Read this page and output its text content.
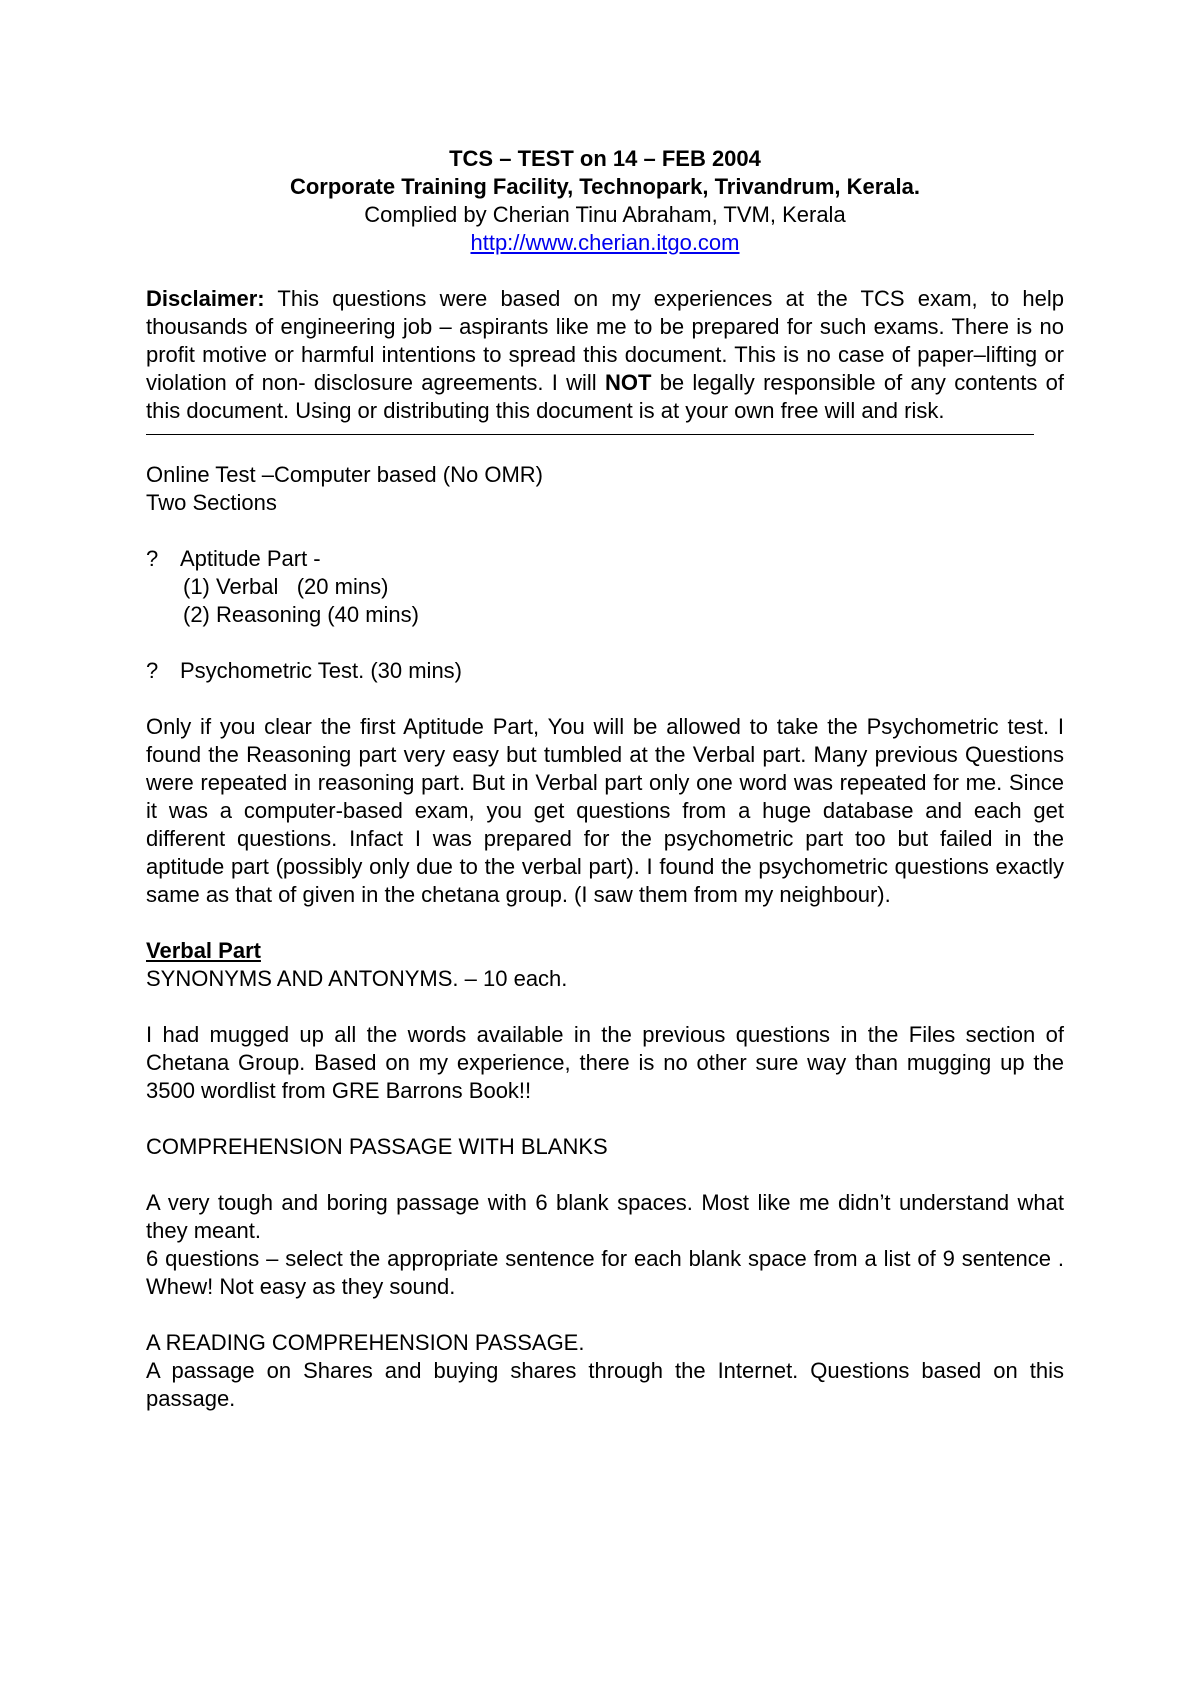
TCS – TEST on 14 – FEB 2004

Corporate Training Facility, Technopark, Trivandrum, Kerala.

Complied by Cherian Tinu Abraham, TVM, Kerala

http://www.cherian.itgo.com

Disclaimer: This questions were based on my experiences at the TCS exam, to help thousands of engineering job – aspirants like me to be prepared for such exams. There is no profit motive or harmful intentions to spread this document. This is no case of paper–lifting or violation of non- disclosure agreements. I will NOT be legally responsible of any contents of this document. Using or distributing this document is at your own free will and risk.

Online Test –Computer based (No OMR)

Two Sections

? Aptitude Part -

(1) Verbal   (20 mins)

(2) Reasoning (40 mins)

? Psychometric Test. (30 mins)

Only if you clear the first Aptitude Part, You will be allowed to take the Psychometric test. I found the Reasoning part very easy but tumbled at the Verbal part. Many previous Questions were repeated in reasoning part. But in Verbal part only one word was repeated for me. Since it was a computer-based exam, you get questions from a huge database and each get different questions. Infact I was prepared for the psychometric part too but failed in the aptitude part (possibly only due to the verbal part). I found the psychometric questions exactly same as that of given in the chetana group. (I saw them from my neighbour).

Verbal Part

SYNONYMS AND ANTONYMS. – 10 each.

I had mugged up all the words available in the previous questions in the Files section of Chetana Group. Based on my experience, there is no other sure way than mugging up the 3500 wordlist from GRE Barrons Book!!

COMPREHENSION PASSAGE WITH BLANKS

A very tough and boring passage with 6 blank spaces. Most like me didn’t understand what they meant.

6 questions – select the appropriate sentence for each blank space from a list of 9 sentence . Whew! Not easy as they sound.

A READING COMPREHENSION PASSAGE.

A passage on Shares and buying shares through the Internet. Questions based on this passage.
